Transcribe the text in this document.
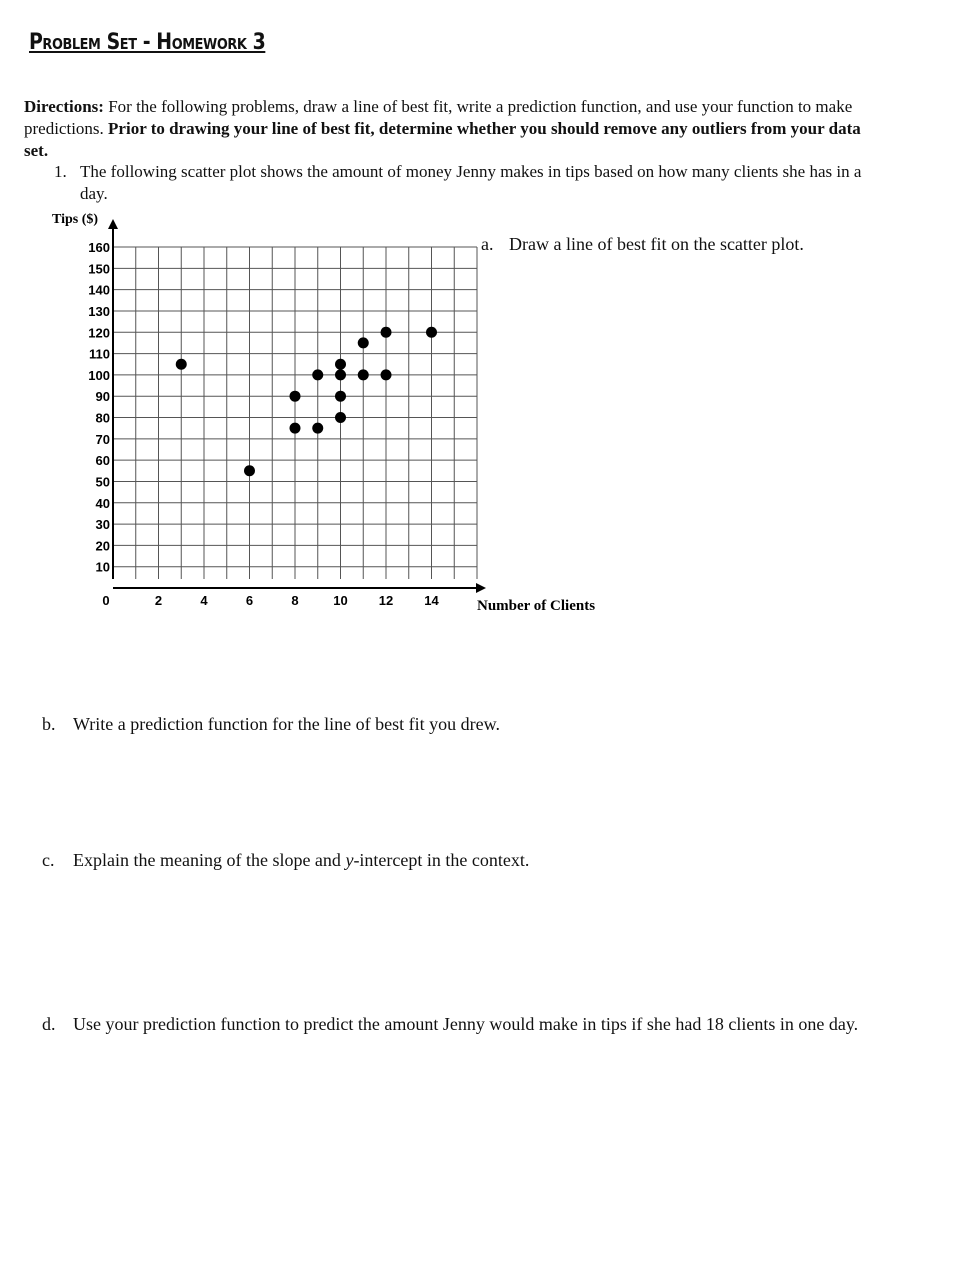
Problem Set - Homework 3
Directions: For the following problems, draw a line of best fit, write a prediction function, and use your function to make predictions. Prior to drawing your line of best fit, determine whether you should remove any outliers from your data set.
1. The following scatter plot shows the amount of money Jenny makes in tips based on how many clients she has in a day.
10
20
30
40
50
60
70
80
90
100
110
120
130
140
150
160
0	2	4	6	8	10 12 14
Tips ($)
Number of Clients
a. Draw a line of best fit on the scatter plot.
b. Write a prediction function for the line of best fit you drew.
c. Explain the meaning of the slope and y-intercept in the context.
d. Use your prediction function to predict the amount Jenny would make in tips if she had 18 clients in one day.
